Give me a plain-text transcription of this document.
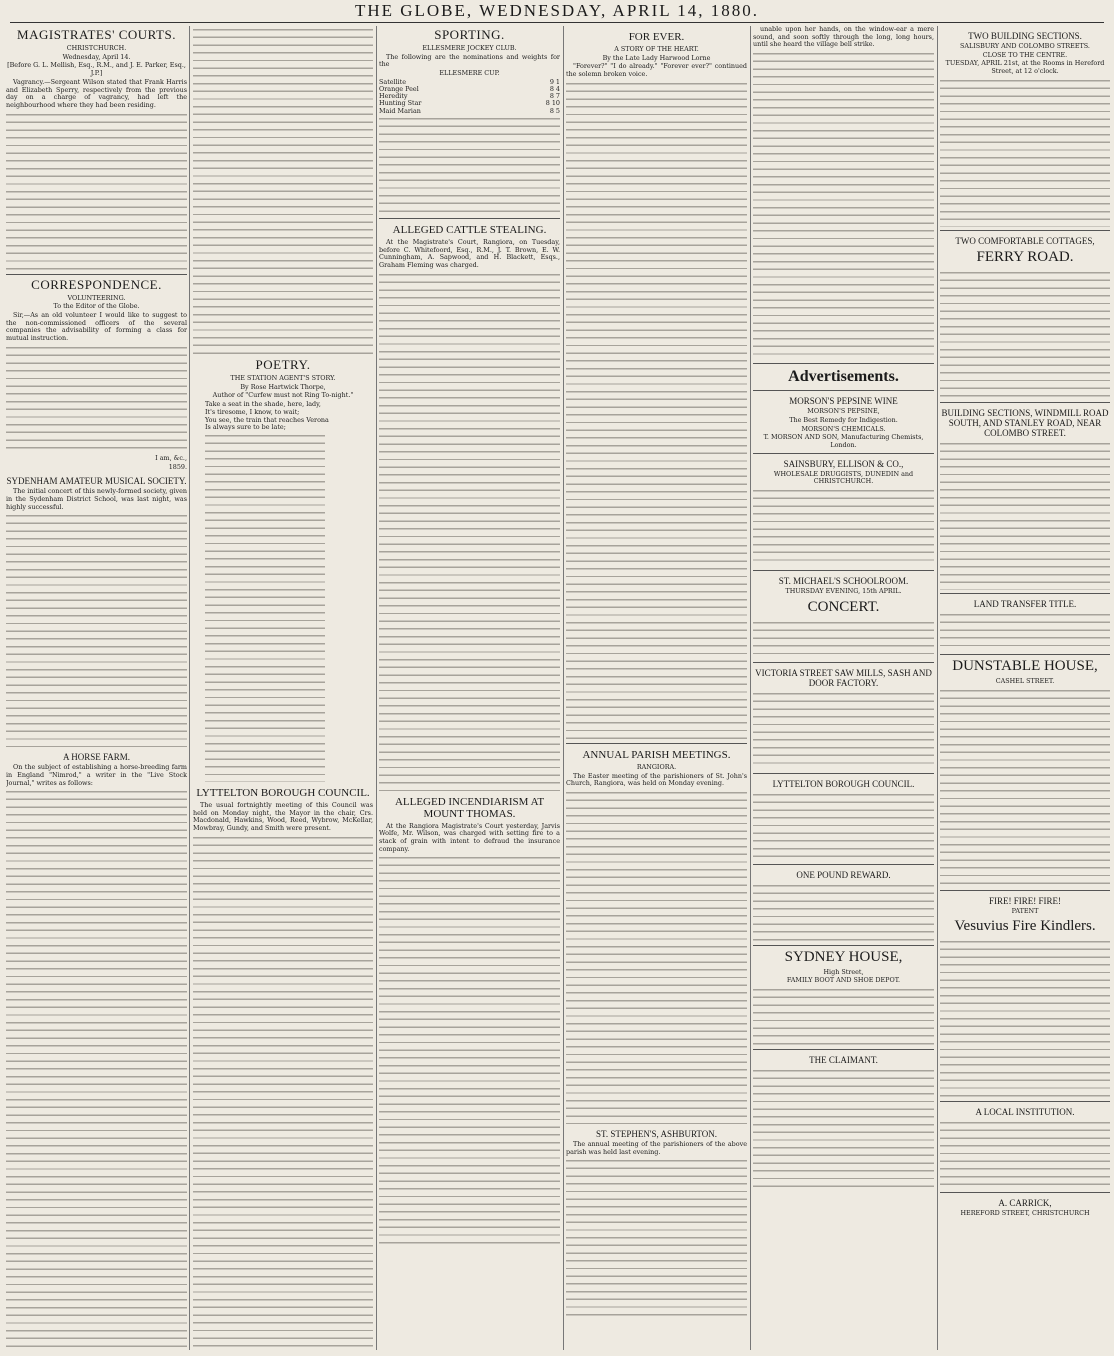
THE GLOBE, WEDNESDAY, APRIL 14, 1880.
MAGISTRATES' COURTS.
CHRISTCHURCH.
Wednesday, April 14.
[Before G. L. Mellish, Esq., R.M., and J. E. Parker, Esq., J.P.]

Vagrancy.—Sergeant Wilson stated that Frank Harris and Elizabeth Sperry, respectively from the previous day on a charge of vagrancy, had left the neighbourhood where they had been residing.

CORRESPONDENCE.
VOLUNTEERING.
To the Editor of the Globe.

Sir,—As an old volunteer I would like to suggest to the non-commissioned officers of the several companies the advisability of forming a class for mutual instruction.

I am, &c.,
1859.
SYDENHAM AMATEUR MUSICAL SOCIETY.

The initial concert of this newly-formed society, given in the Sydenham District School, was last night, was highly successful.

A HORSE FARM.

On the subject of establishing a horse-breeding farm in England "Nimrod," a writer in the "Live Stock Journal," writes as follows:

POETRY.
THE STATION AGENT'S STORY.
By Rose Hartwick Thorpe,
Author of "Curfew must not Ring To-night."
Take a seat in the shade, here, lady,
It's tiresome, I know, to wait;
You see, the train that reaches Verona
Is always sure to be late;
LYTTELTON BOROUGH COUNCIL.

The usual fortnightly meeting of this Council was held on Monday night, the Mayor in the chair, Crs. Macdonald, Hawkins, Wood, Reed, Wybrow, McKellar, Mowbray, Gundy, and Smith were present.

SPORTING.
ELLESMERE JOCKEY CLUB.

The following are the nominations and weights for the

ELLESMERE CUP.
Satellite	9 1
Orange Peel	8 4
Heredity	8 7
Hunting Star	8 10
Maid Marian	8 5
ALLEGED CATTLE STEALING.

At the Magistrate's Court, Rangiora, on Tuesday, before C. Whitefoord, Esq., R.M., J. T. Brown, E. W. Cunningham, A. Sapwood, and H. Blackett, Esqs., Graham Fleming was charged.

ALLEGED INCENDIARISM AT MOUNT THOMAS.

At the Rangiora Magistrate's Court yesterday, Jarvis Wolfe, Mr. Wilson, was charged with setting fire to a stack of grain with intent to defraud the insurance company.

FOR EVER.
A STORY OF THE HEART.
By the Late Lady Harwood Lorne

"Forever?" "I do already." "Forever ever?" continued the solemn broken voice.

ANNUAL PARISH MEETINGS.
RANGIORA.

The Easter meeting of the parishioners of St. John's Church, Rangiora, was held on Monday evening.

ST. STEPHEN'S, ASHBURTON.

The annual meeting of the parishioners of the above parish was held last evening.

unable upon her hands, on the window-ear a mere sound, and soon softly through the long, long hours, until she heard the village bell strike.

Advertisements.
MORSON'S PEPSINE WINE
MORSON'S PEPSINE,
The Best Remedy for Indigestion.
MORSON'S CHEMICALS.
T. MORSON AND SON, Manufacturing Chemists, London.
SAINSBURY, ELLISON & CO.,
WHOLESALE DRUGGISTS, DUNEDIN and CHRISTCHURCH.
ST. MICHAEL'S SCHOOLROOM.
THURSDAY EVENING, 15th APRIL.
CONCERT.
VICTORIA STREET SAW MILLS, SASH AND DOOR FACTORY.
LYTTELTON BOROUGH COUNCIL.
ONE POUND REWARD.
SYDNEY HOUSE,
High Street,
FAMILY BOOT AND SHOE DEPOT.
THE CLAIMANT.
TWO BUILDING SECTIONS.
SALISBURY AND COLOMBO STREETS.
CLOSE TO THE CENTRE.
TUESDAY, APRIL 21st, at the Rooms in Hereford Street, at 12 o'clock.
TWO COMFORTABLE COTTAGES,
FERRY ROAD.
BUILDING SECTIONS, WINDMILL ROAD SOUTH, AND STANLEY ROAD, NEAR COLOMBO STREET.
LAND TRANSFER TITLE.
DUNSTABLE HOUSE,
CASHEL STREET.
FIRE! FIRE! FIRE!
PATENT
Vesuvius Fire Kindlers.
A LOCAL INSTITUTION.
A. CARRICK,
HEREFORD STREET, CHRISTCHURCH
